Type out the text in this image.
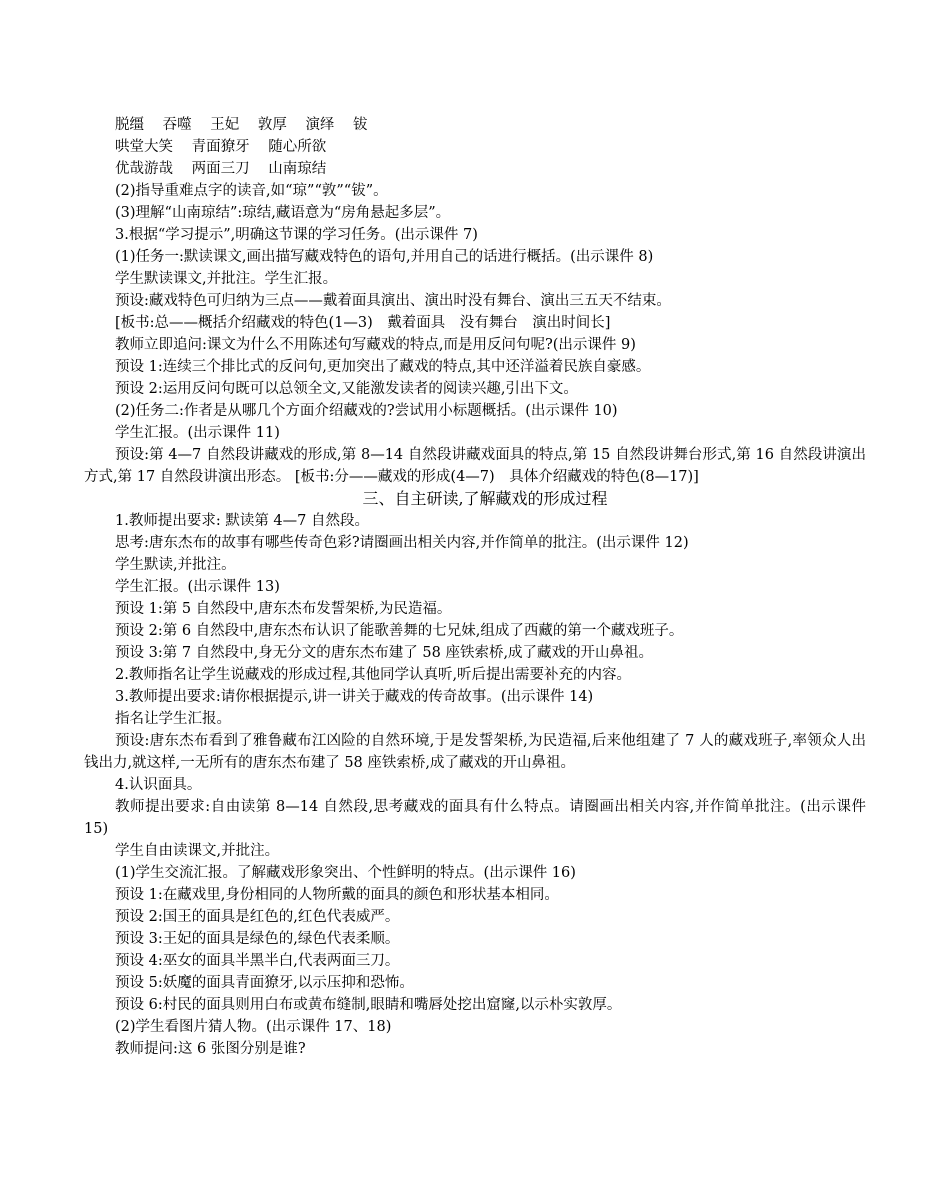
脱缰 吞噬 王妃 敦厚 演绎 钹
哄堂大笑 青面獠牙 随心所欲
优哉游哉 两面三刀 山南琼结
(2)指导重难点字的读音,如“琼”“敦”“钹”。
(3)理解“山南琼结”:琼结,藏语意为“房角悬起多层”。
3.根据“学习提示”,明确这节课的学习任务。(出示课件 7)
(1)任务一:默读课文,画出描写藏戏特色的语句,并用自己的话进行概括。(出示课件 8)
学生默读课文,并批注。学生汇报。
预设:藏戏特色可归纳为三点——戴着面具演出、演出时没有舞台、演出三五天不结束。
[板书:总——概括介绍藏戏的特色(1—3)　戴着面具　没有舞台　演出时间长]
教师立即追问:课文为什么不用陈述句写藏戏的特点,而是用反问句呢?(出示课件 9)
预设 1:连续三个排比式的反问句,更加突出了藏戏的特点,其中还洋溢着民族自豪感。
预设 2:运用反问句既可以总领全文,又能激发读者的阅读兴趣,引出下文。
(2)任务二:作者是从哪几个方面介绍藏戏的?尝试用小标题概括。(出示课件 10)
学生汇报。(出示课件 11)
预设:第 4—7 自然段讲藏戏的形成,第 8—14 自然段讲藏戏面具的特点,第 15 自然段讲舞台形式,第 16 自然段讲演出方式,第 17 自然段讲演出形态。 [板书:分——藏戏的形成(4—7)　具体介绍藏戏的特色(8—17)]
三、自主研读,了解藏戏的形成过程
1.教师提出要求: 默读第 4—7 自然段。
思考:唐东杰布的故事有哪些传奇色彩?请圈画出相关内容,并作简单的批注。(出示课件 12)
学生默读,并批注。
学生汇报。(出示课件 13)
预设 1:第 5 自然段中,唐东杰布发誓架桥,为民造福。
预设 2:第 6 自然段中,唐东杰布认识了能歌善舞的七兄妹,组成了西藏的第一个藏戏班子。
预设 3:第 7 自然段中,身无分文的唐东杰布建了 58 座铁索桥,成了藏戏的开山鼻祖。
2.教师指名让学生说藏戏的形成过程,其他同学认真听,听后提出需要补充的内容。
3.教师提出要求:请你根据提示,讲一讲关于藏戏的传奇故事。(出示课件 14)
指名让学生汇报。
预设:唐东杰布看到了雅鲁藏布江凶险的自然环境,于是发誓架桥,为民造福,后来他组建了 7 人的藏戏班子,率领众人出钱出力,就这样,一无所有的唐东杰布建了 58 座铁索桥,成了藏戏的开山鼻祖。
4.认识面具。
教师提出要求:自由读第 8—14 自然段,思考藏戏的面具有什么特点。请圈画出相关内容,并作简单批注。(出示课件 15)
学生自由读课文,并批注。
(1)学生交流汇报。了解藏戏形象突出、个性鲜明的特点。(出示课件 16)
预设 1:在藏戏里,身份相同的人物所戴的面具的颜色和形状基本相同。
预设 2:国王的面具是红色的,红色代表威严。
预设 3:王妃的面具是绿色的,绿色代表柔顺。
预设 4:巫女的面具半黑半白,代表两面三刀。
预设 5:妖魔的面具青面獠牙,以示压抑和恐怖。
预设 6:村民的面具则用白布或黄布缝制,眼睛和嘴唇处挖出窟窿,以示朴实敦厚。
(2)学生看图片猜人物。(出示课件 17、18)
教师提问:这 6 张图分别是谁?
